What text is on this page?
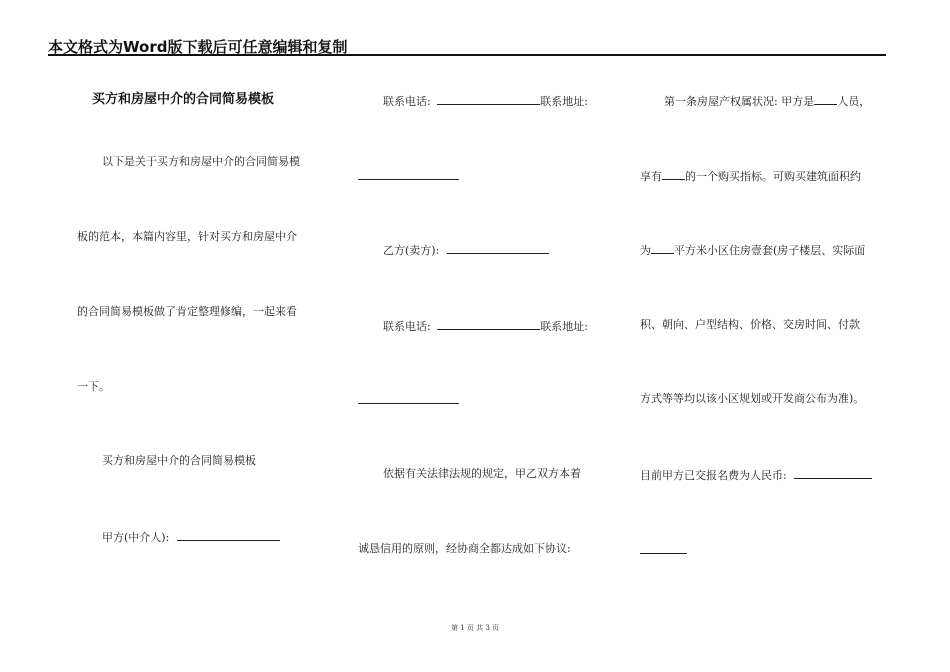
本文格式为Word版下载后可任意编辑和复制
买方和房屋中介的合同简易模板
以下是关于买方和房屋中介的合同简易模
板的范本，本篇内容里，针对买方和房屋中介
的合同简易模板做了肯定整理修编，一起来看
一下。
买方和房屋中介的合同简易模板
甲方(中介人):
联系电话:	联系地址:
乙方(卖方):
联系电话:	联系地址:
依据有关法律法规的规定，甲乙双方本着
诚恳信用的原则，经协商全都达成如下协议:
第一条房屋产权属状况: 甲方是 人员，
享有 的一个购买指标。可购买建筑面积约
为 平方米小区住房壹套(房子楼层、实际面
积、朝向、户型结构、价格、交房时间、付款
方式等等均以该小区规划或开发商公布为准)。
目前甲方已交报名费为人民币:
第 1 页 共 3 页
